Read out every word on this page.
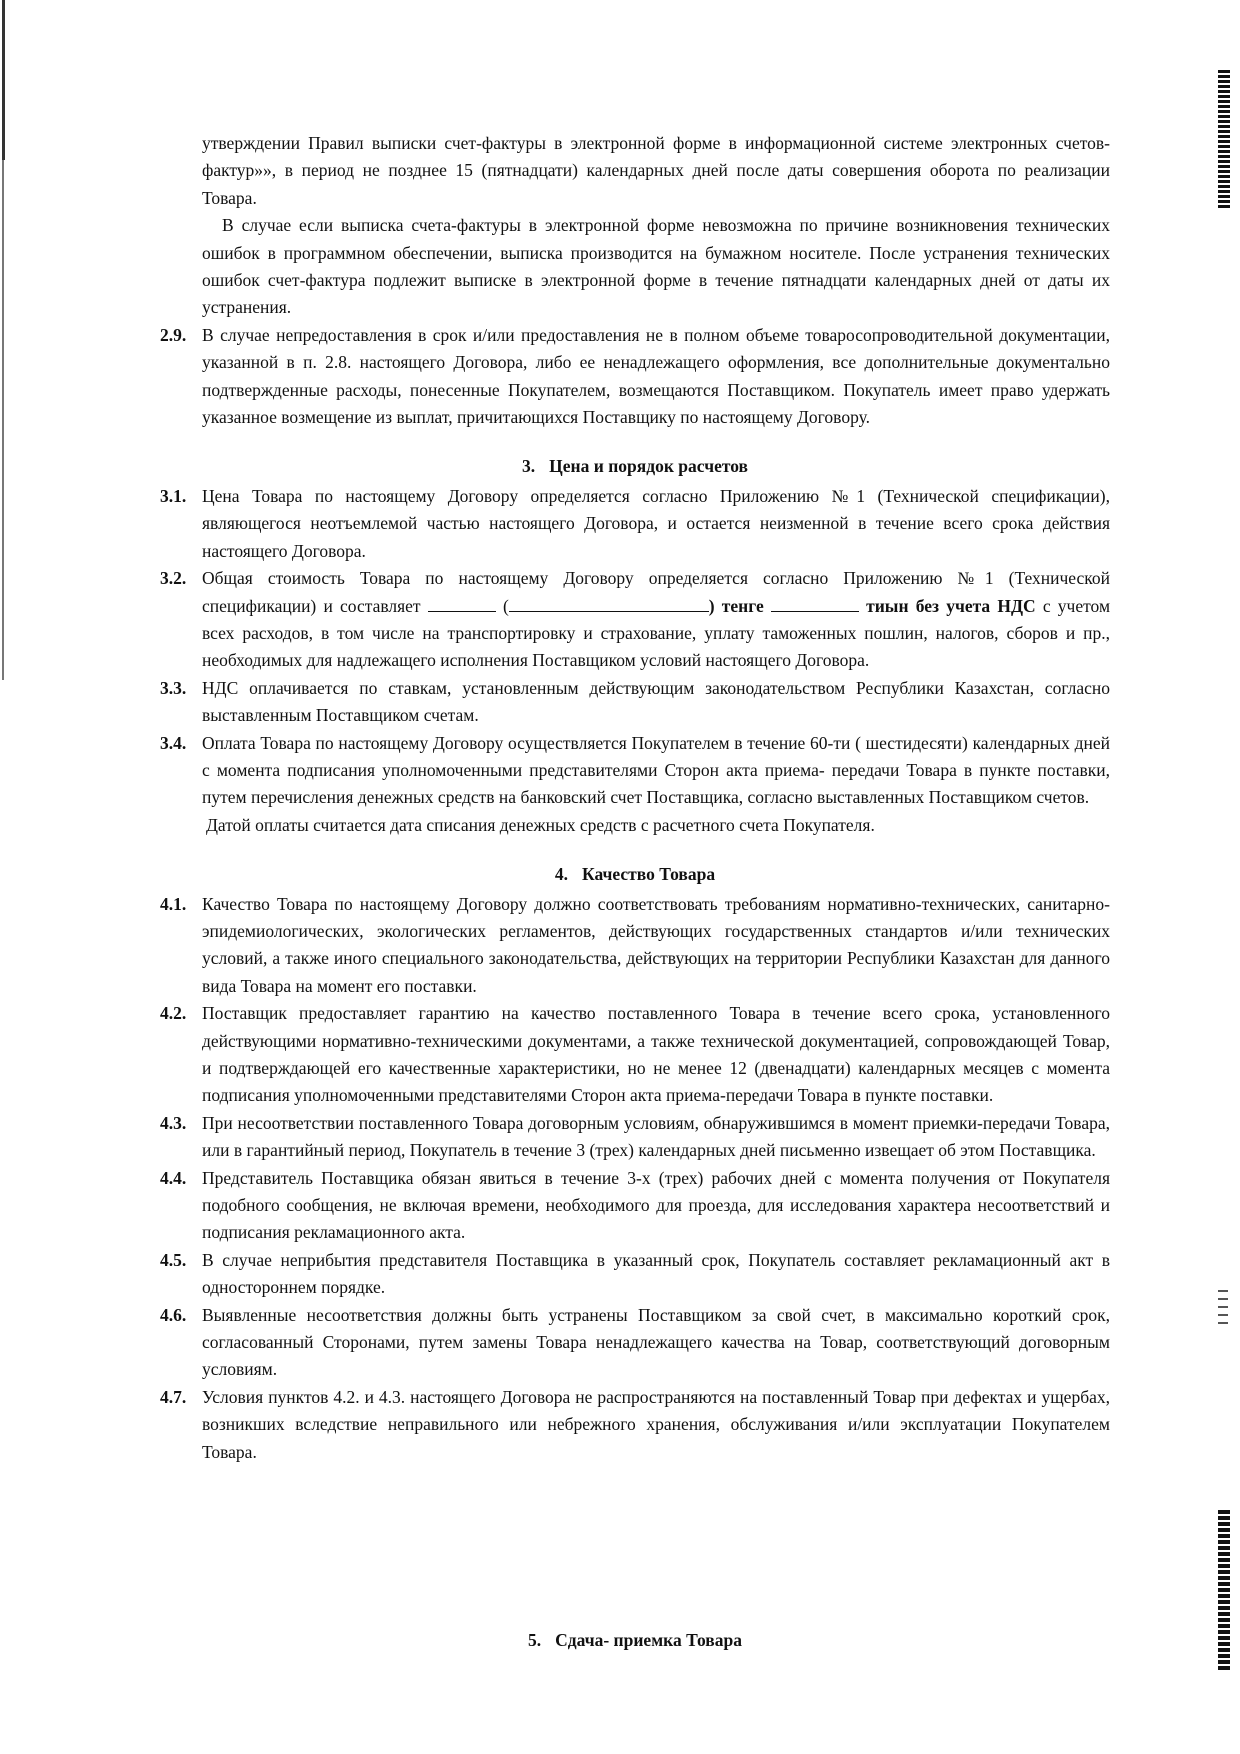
утверждении Правил выписки счет-фактуры в электронной форме в информационной системе электронных счетов-фактур»», в период не позднее 15 (пятнадцати) календарных дней после даты совершения оборота по реализации Товара.

В случае если выписка счета-фактуры в электронной форме невозможна по причине возникновения технических ошибок в программном обеспечении, выписка производится на бумажном носителе. После устранения технических ошибок счет-фактура подлежит выписке в электронной форме в течение пятнадцати календарных дней от даты их устранения.

2.9. В случае непредоставления в срок и/или предоставления не в полном объеме товаросопроводительной документации, указанной в п. 2.8. настоящего Договора, либо ее ненадлежащего оформления, все дополнительные документально подтвержденные расходы, понесенные Покупателем, возмещаются Поставщиком. Покупатель имеет право удержать указанное возмещение из выплат, причитающихся Поставщику по настоящему Договору.
3. Цена и порядок расчетов
3.1. Цена Товара по настоящему Договору определяется согласно Приложению №1 (Технической спецификации), являющегося неотъемлемой частью настоящего Договора, и остается неизменной в течение всего срока действия настоящего Договора.
3.2. Общая стоимость Товара по настоящему Договору определяется согласно Приложению №1 (Технической спецификации) и составляет	(	) тенге	тиын без учета НДС с учетом всех расходов, в том числе на транспортировку и страхование, уплату таможенных пошлин, налогов, сборов и пр., необходимых для надлежащего исполнения Поставщиком условий настоящего Договора.
3.3. НДС оплачивается по ставкам, установленным действующим законодательством Республики Казахстан, согласно выставленным Поставщиком счетам.
3.4. Оплата Товара по настоящему Договору осуществляется Покупателем в течение 60-ти ( шестидесяти) календарных дней с момента подписания уполномоченными представителями Сторон акта приема- передачи Товара в пункте поставки, путем перечисления денежных средств на банковский счет Поставщика, согласно выставленных Поставщиком счетов.

Датой оплаты считается дата списания денежных средств с расчетного счета Покупателя.

4. Качество Товара
4.1. Качество Товара по настоящему Договору должно соответствовать требованиям нормативно-технических, санитарно-эпидемиологических, экологических регламентов, действующих государственных стандартов и/или технических условий, а также иного специального законодательства, действующих на территории Республики Казахстан для данного вида Товара на момент его поставки.
4.2. Поставщик предоставляет гарантию на качество поставленного Товара в течение всего срока, установленного действующими нормативно-техническими документами, а также технической документацией, сопровождающей Товар, и подтверждающей его качественные характеристики, но не менее 12 (двенадцати) календарных месяцев с момента подписания уполномоченными представителями Сторон акта приема-передачи Товара в пункте поставки.
4.3. При несоответствии поставленного Товара договорным условиям, обнаружившимся в момент приемки-передачи Товара, или в гарантийный период, Покупатель в течение 3 (трех) календарных дней письменно извещает об этом Поставщика.
4.4. Представитель Поставщика обязан явиться в течение 3-х (трех) рабочих дней с момента получения от Покупателя подобного сообщения, не включая времени, необходимого для проезда, для исследования характера несоответствий и подписания рекламационного акта.
4.5. В случае неприбытия представителя Поставщика в указанный срок, Покупатель составляет рекламационный акт в одностороннем порядке.
4.6. Выявленные несоответствия должны быть устранены Поставщиком за свой счет, в максимально короткий срок, согласованный Сторонами, путем замены Товара ненадлежащего качества на Товар, соответствующий договорным условиям.
4.7. Условия пунктов 4.2. и 4.3. настоящего Договора не распространяются на поставленный Товар при дефектах и ущербах, возникших вследствие неправильного или небрежного хранения, обслуживания и/или эксплуатации Покупателем Товара.
5. Сдача- приемка Товара
